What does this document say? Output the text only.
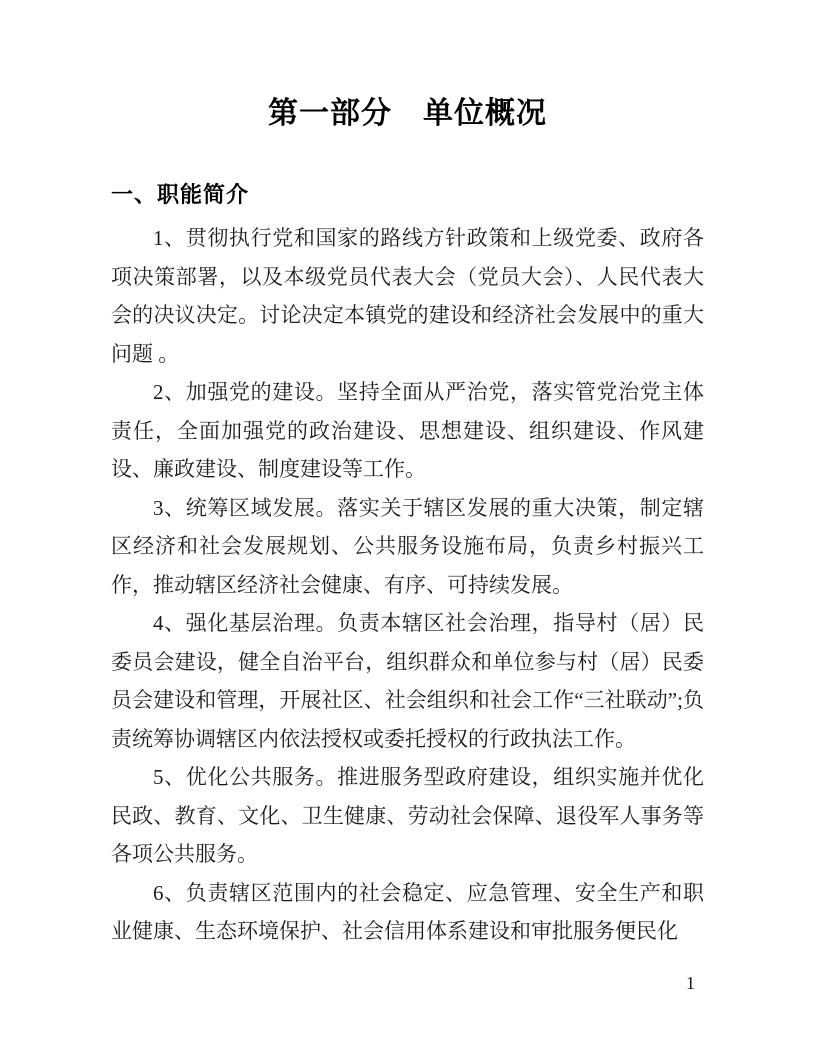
第一部分　单位概况
一、职能简介

1、贯彻执行党和国家的路线方针政策和上级党委、政府各项决策部署，以及本级党员代表大会（党员大会）、人民代表大会的决议决定。讨论决定本镇党的建设和经济社会发展中的重大问题 。

2、加强党的建设。坚持全面从严治党，落实管党治党主体责任，全面加强党的政治建设、思想建设、组织建设、作风建设、廉政建设、制度建设等工作。

3、统筹区域发展。落实关于辖区发展的重大决策，制定辖区经济和社会发展规划、公共服务设施布局，负责乡村振兴工作，推动辖区经济社会健康、有序、可持续发展。

4、强化基层治理。负责本辖区社会治理，指导村（居）民委员会建设，健全自治平台，组织群众和单位参与村（居）民委员会建设和管理，开展社区、社会组织和社会工作“三社联动”;负责统筹协调辖区内依法授权或委托授权的行政执法工作。

5、优化公共服务。推进服务型政府建设，组织实施并优化民政、教育、文化、卫生健康、劳动社会保障、退役军人事务等各项公共服务。

6、负责辖区范围内的社会稳定、应急管理、安全生产和职业健康、生态环境保护、社会信用体系建设和审批服务便民化

1
